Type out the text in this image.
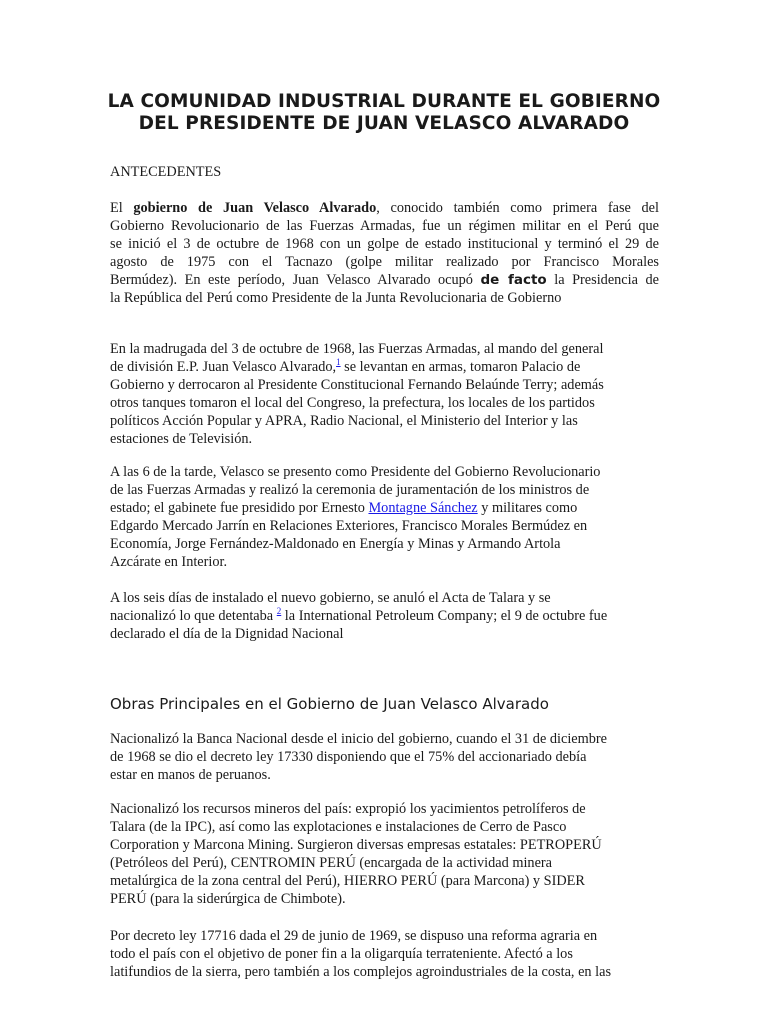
LA COMUNIDAD INDUSTRIAL DURANTE EL GOBIERNO
DEL PRESIDENTE DE JUAN VELASCO ALVARADO
ANTECEDENTES
El gobierno de Juan Velasco Alvarado, conocido también como primera fase del
Gobierno Revolucionario de las Fuerzas Armadas, fue un régimen militar en el Perú que
se inició el 3 de octubre de 1968 con un golpe de estado institucional y terminó el 29 de
agosto de 1975 con el Tacnazo (golpe militar realizado por Francisco Morales
Bermúdez). En este período, Juan Velasco Alvarado ocupó de facto la Presidencia de
la República del Perú como Presidente de la Junta Revolucionaria de Gobierno
En la madrugada del 3 de octubre de 1968, las Fuerzas Armadas, al mando del general
de división E.P. Juan Velasco Alvarado,$^1$ se levantan en armas, tomaron Palacio de
Gobierno y derrocaron al Presidente Constitucional Fernando Belaúnde Terry; además
otros tanques tomaron el local del Congreso, la prefectura, los locales de los partidos
políticos Acción Popular y APRA, Radio Nacional, el Ministerio del Interior y las
estaciones de Televisión.
A las 6 de la tarde, Velasco se presento como Presidente del Gobierno Revolucionario
de las Fuerzas Armadas y realizó la ceremonia de juramentación de los ministros de
estado; el gabinete fue presidido por Ernesto Montagne Sánchez y militares como
Edgardo Mercado Jarrín en Relaciones Exteriores, Francisco Morales Bermúdez en
Economía, Jorge Fernández-Maldonado en Energía y Minas y Armando Artola
Azcárate en Interior.
A los seis días de instalado el nuevo gobierno, se anuló el Acta de Talara y se
nacionalizó lo que detentaba $^2$ la International Petroleum Company; el 9 de octubre fue
declarado el día de la Dignidad Nacional
Obras Principales en el Gobierno de Juan Velasco Alvarado
Nacionalizó la Banca Nacional desde el inicio del gobierno, cuando el 31 de diciembre
de 1968 se dio el decreto ley 17330 disponiendo que el 75% del accionariado debía
estar en manos de peruanos.
Nacionalizó los recursos mineros del país: expropió los yacimientos petrolíferos de
Talara (de la IPC), así como las explotaciones e instalaciones de Cerro de Pasco
Corporation y Marcona Mining. Surgieron diversas empresas estatales: PETROPERÚ
(Petróleos del Perú), CENTROMIN PERÚ (encargada de la actividad minera
metalúrgica de la zona central del Perú), HIERRO PERÚ (para Marcona) y SIDER
PERÚ (para la siderúrgica de Chimbote).
Por decreto ley 17716 dada el 29 de junio de 1969, se dispuso una reforma agraria en
todo el país con el objetivo de poner fin a la oligarquía terrateniente. Afectó a los
latifundios de la sierra, pero también a los complejos agroindustriales de la costa, en las
